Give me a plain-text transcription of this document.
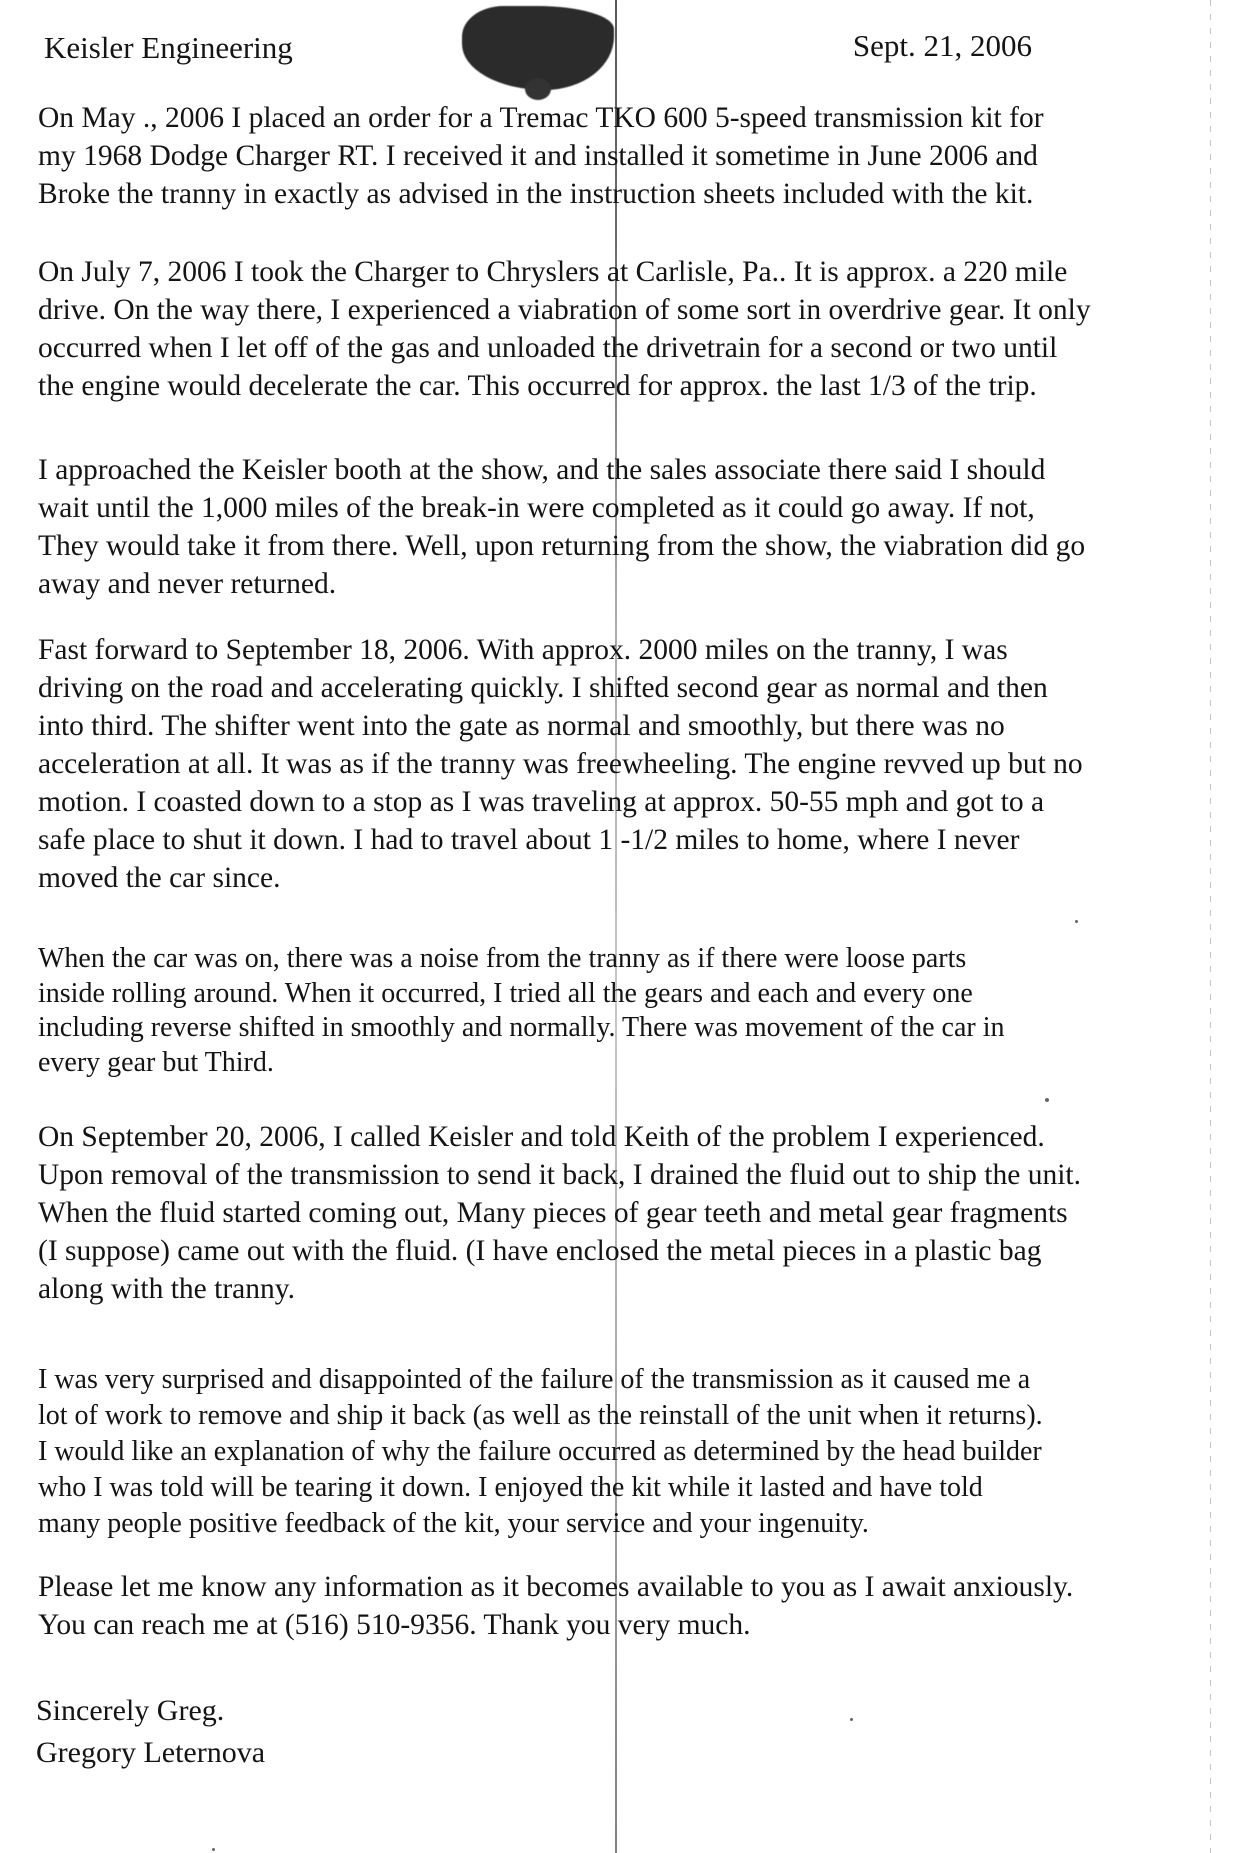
Keisler Engineering	Sept. 21, 2006

On May ., 2006 I placed an order for a Tremac TKO 600 5-speed transmission kit for
my 1968 Dodge Charger RT. I received it and installed it sometime in June 2006 and
Broke the tranny in exactly as advised in the instruction sheets included with the kit.

On July 7, 2006 I took the Charger to Chryslers at Carlisle, Pa.. It is approx. a 220 mile
drive. On the way there, I experienced a viabration of some sort in overdrive gear. It only
occurred when I let off of the gas and unloaded the drivetrain for a second or two until
the engine would decelerate the car. This occurred for approx. the last 1/3 of the trip.

I approached the Keisler booth at the show, and the sales associate there said I should
wait until the 1,000 miles of the break-in were completed as it could go away. If not,
They would take it from there. Well, upon returning from the show, the viabration did go
away and never returned.

Fast forward to September 18, 2006. With approx. 2000 miles on the tranny, I was
driving on the road and accelerating quickly. I shifted second gear as normal and then
into third. The shifter went into the gate as normal and smoothly, but there was no
acceleration at all. It was as if the tranny was freewheeling. The engine revved up but no
motion. I coasted down to a stop as I was traveling at approx. 50-55 mph and got to a
safe place to shut it down. I had to travel about 1 -1/2 miles to home, where I never
moved the car since.

When the car was on, there was a noise from the tranny as if there were loose parts
inside rolling around. When it occurred, I tried all the gears and each and every one
including reverse shifted in smoothly and normally. There was movement of the car in
every gear but Third.

On September 20, 2006, I called Keisler and told Keith of the problem I experienced.
Upon removal of the transmission to send it back, I drained the fluid out to ship the unit.
When the fluid started coming out, Many pieces of gear teeth and metal gear fragments
(I suppose) came out with the fluid. (I have enclosed the metal pieces in a plastic bag
along with the tranny.

I was very surprised and disappointed of the failure of the transmission as it caused me a
lot of work to remove and ship it back (as well as the reinstall of the unit when it returns).
I would like an explanation of why the failure occurred as determined by the head builder
who I was told will be tearing it down. I enjoyed the kit while it lasted and have told
many people positive feedback of the kit, your service and your ingenuity.

Please let me know any information as it becomes available to you as I await anxiously.
You can reach me at (516) 510-9356. Thank you very much.

Sincerely Greg.
Gregory Leternova
